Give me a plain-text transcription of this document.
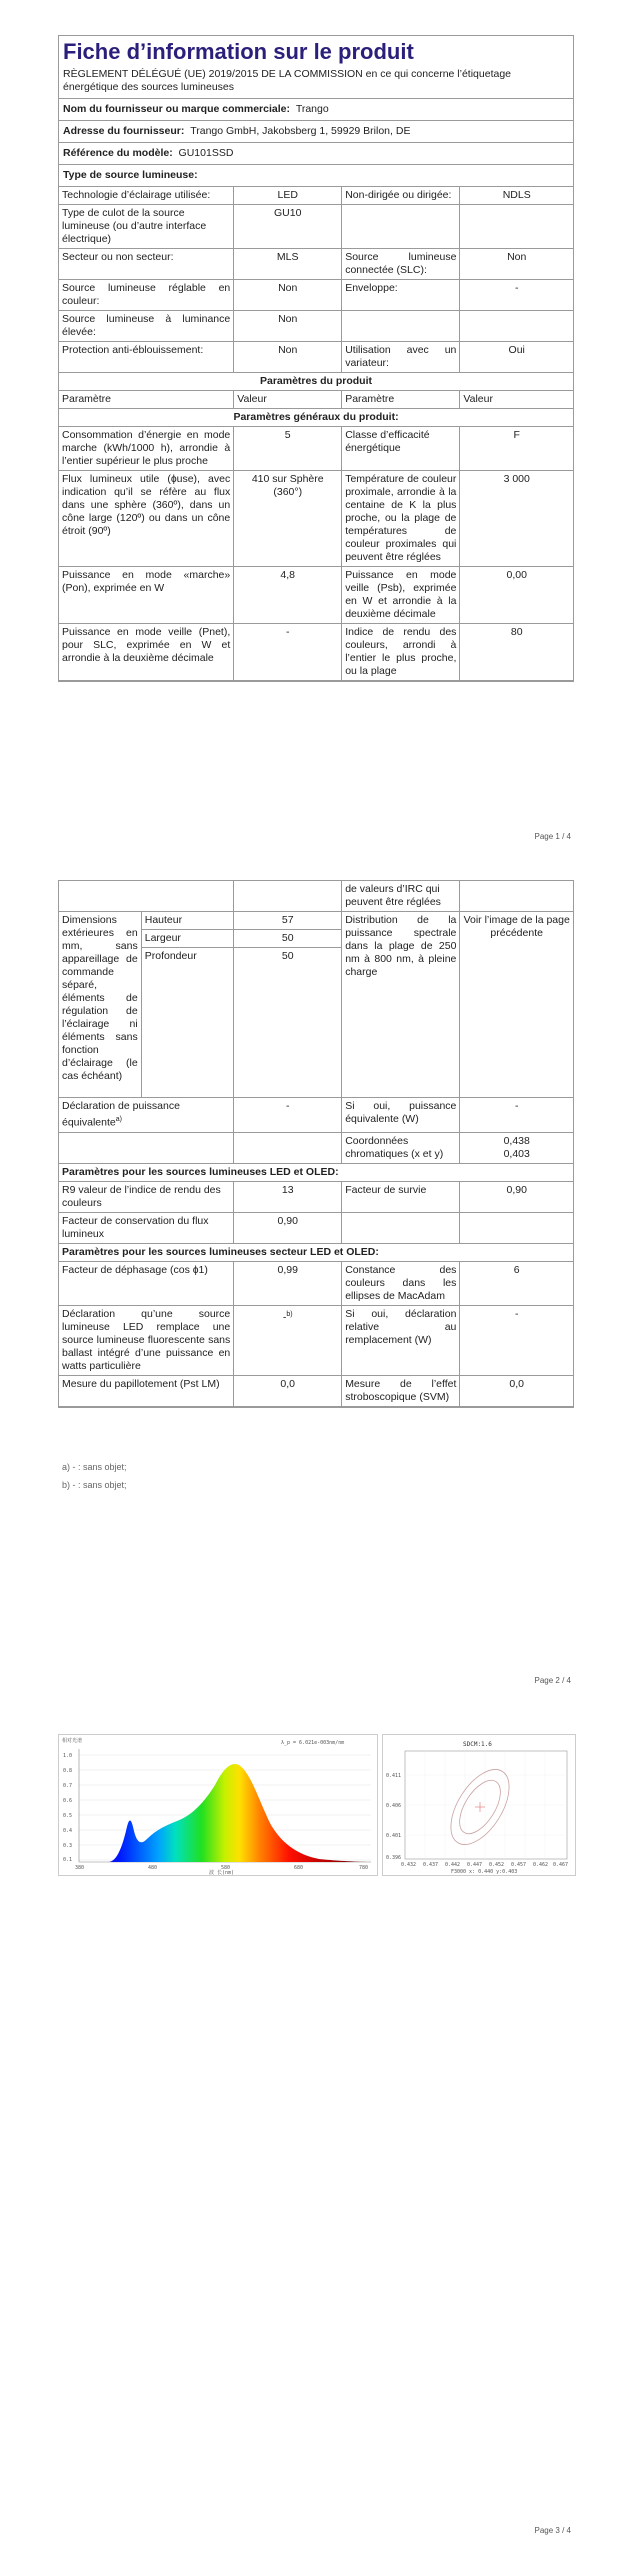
Fiche d’information sur le produit
RÈGLEMENT DÉLÉGUÉ (UE) 2019/2015 DE LA COMMISSION en ce qui concerne l’étiquetage énergétique des sources lumineuses
Nom du fournisseur ou marque commerciale: Trango
Adresse du fournisseur: Trango GmbH, Jakobsberg 1, 59929 Brilon, DE
Référence du modèle: GU101SSD
Type de source lumineuse:
Technologie d’éclairage utilisée:	LED	Non-dirigée ou dirigée:	NDLS
Type de culot de la source lumineuse (ou d’autre interface électrique)	GU10		
Secteur ou non secteur:	MLS	Source lumineuse connectée (SLC):	Non
Source lumineuse réglable en couleur:	Non	Enveloppe:	-
Source lumineuse à luminance élevée:	Non		
Protection anti-éblouissement:	Non	Utilisation avec un variateur:	Oui
Paramètres du produit			
Paramètre	Valeur	Paramètre	Valeur
Paramètres généraux du produit:			
Consommation d’énergie en mode marche (kWh/1000 h), arrondie à l’entier supérieur le plus proche	5	Classe d’efficacité énergétique	F
Flux lumineux utile (ɸuse), avec indication qu’il se réfère au flux dans une sphère (360º), dans un cône large (120º) ou dans un cône étroit (90º)	410 sur Sphère (360°)	Température de couleur proximale, arrondie à la centaine de K la plus proche, ou la plage de températures de couleur proximales qui peuvent être réglées	3 000
Puissance en mode «marche» (Pon), exprimée en W	4,8	Puissance en mode veille (Psb), exprimée en W et arrondie à la deuxième décimale	0,00
Puissance en mode veille (Pnet), pour SLC, exprimée en W et arrondie à la deuxième décimale	-	Indice de rendu des couleurs, arrondi à l’entier le plus proche, ou la plage	80
Page 1 / 4
			de valeurs d’IRC qui peuvent être réglées	
Dimensions extérieures en mm, sans appareillage de commande séparé, éléments de régulation de l’éclairage ni éléments sans fonction d’éclairage (le cas échéant)	Hauteur	57	Distribution de la puissance spectrale dans la plage de 250 nm à 800 nm, à pleine charge	Voir l’image de la page précédente
	Largeur	50		
	Profondeur	50		
Déclaration de puissance équivalente$^{a)}$		-	Si oui, puissance équivalente (W)	-
			Coordonnées chromatiques (x et y)	0,438
0,403

Paramètres pour les sources lumineuses LED et OLED:				
R9 valeur de l’indice de rendu des couleurs		13	Facteur de survie	0,90
Facteur de conservation du flux lumineux		0,90		
Paramètres pour les sources lumineuses secteur LED et OLED:				
Facteur de déphasage (cos ɸ1)		0,99	Constance des couleurs dans les ellipses de MacAdam	6
Déclaration qu’une source lumineuse LED remplace une source lumineuse fluorescente sans ballast intégré d’une puissance en watts particulière		-$^{b)}$	Si oui, déclaration relative au remplacement (W)	-
Mesure du papillotement (Pst LM)		0,0	Mesure de l’effet stroboscopique (SVM)	0,0
a) - : sans objet;
b) - : sans objet;
Page 2 / 4
相对光谱	λ_p = 6.021e-003nm/nm
380	480	580	680	780
1.0
0.8
0.7
0.6
0.5
0.4
0.3
0.1
波 长(nm)
SDCM:1.6
0.411
0.406
0.401
0.396
0.432 0.437 0.442 0.447 0.452 0.457 0.462 0.467
F3000 x: 0.440 y:0.403
Page 3 / 4
